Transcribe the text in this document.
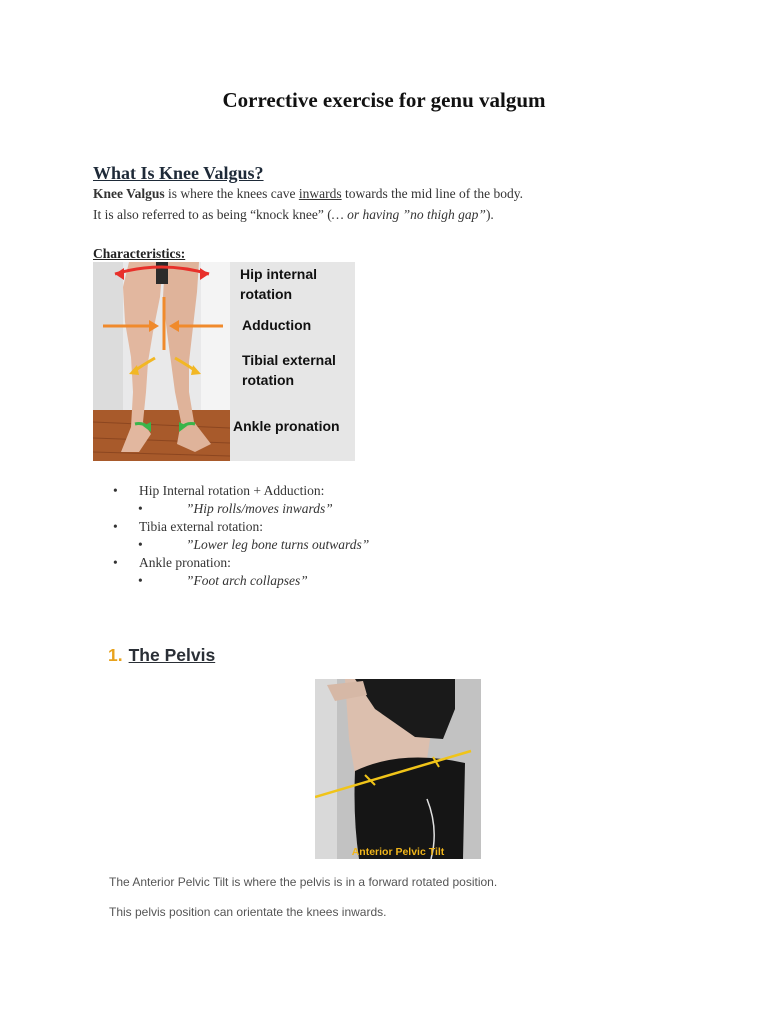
Corrective exercise for genu valgum
What Is Knee Valgus?
Knee Valgus is where the knees cave inwards towards the mid line of the body.
It is also referred to as being “knock knee” (… or having ”no thigh gap”).
Characteristics:
Hip internal rotation
Adduction
Tibial external rotation
Ankle pronation
• Hip Internal rotation + Adduction:
•	”Hip rolls/moves inwards”
• Tibia external rotation:
•	”Lower leg bone turns outwards”
• Ankle pronation:
•	”Foot arch collapses”
1. The Pelvis
Anterior Pelvic Tilt
The Anterior Pelvic Tilt is where the pelvis is in a forward rotated position.
This pelvis position can orientate the knees inwards.
